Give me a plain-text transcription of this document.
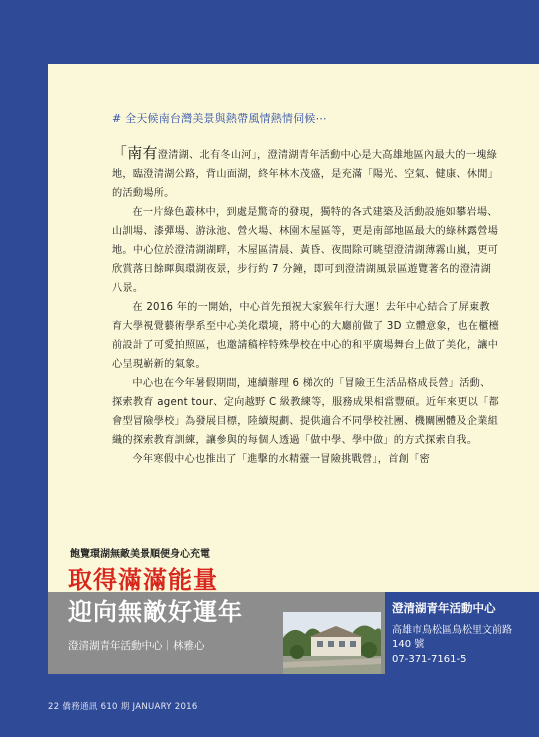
# 全天候南台灣美景與熱帶風情熱情伺候⋯

「南有澄清湖、北有冬山河」，澄清湖青年活動中心是大高雄地區內最大的一塊綠地，臨澄清湖公路，背山面湖，終年林木茂盛，是充滿「陽光、空氣、健康、休閒」的活動場所。

在一片綠色叢林中，到處是驚奇的發現，獨特的各式建築及活動設施如攀岩場、山訓場、漆彈場、游泳池、營火場、林園木屋區等，更是南部地區最大的綠林露營場地。中心位於澄清湖湖畔，木屋區清晨、黃昏、夜間除可眺望澄清湖薄霧山嵐，更可欣賞落日餘暉與環湖夜景，步行約 7 分鐘，即可到澄清湖風景區遊覽著名的澄清湖八景。

在 2016 年的一開始，中心首先預祝大家猴年行大運！去年中心結合了屏東教育大學視覺藝術學系至中心美化環境，將中心的大廳前做了 3D 立體意象，也在櫃檯前設計了可愛拍照區，也邀請稿梓特殊學校在中心的和平廣場舞台上做了美化，讓中心呈現嶄新的氣象。

中心也在今年暑假期間，連續辦理 6 梯次的「冒險王生活品格成長營」活動、探索教育 agent tour、定向越野 C 級教練等，服務成果相當豐碩。近年來更以「都會型冒險學校」為發展目標，陸續規劃、提供適合不同學校社團、機關團體及企業組織的探索教育訓練，讓參與的每個人透過「做中學、學中做」的方式探索自我。

今年寒假中心也推出了「進擊的水精靈一冒險挑戰營」，首創「密

飽覽環湖無敵美景順便身心充電
取得滿滿能量
迎向無敵好運年
澄清湖青年活動中心｜林雅心
澄清湖青年活動中心
高雄市鳥松區鳥松里文前路 140 號
07-371-7161-5
22 僑務通訊 610 期 JANUARY 2016
